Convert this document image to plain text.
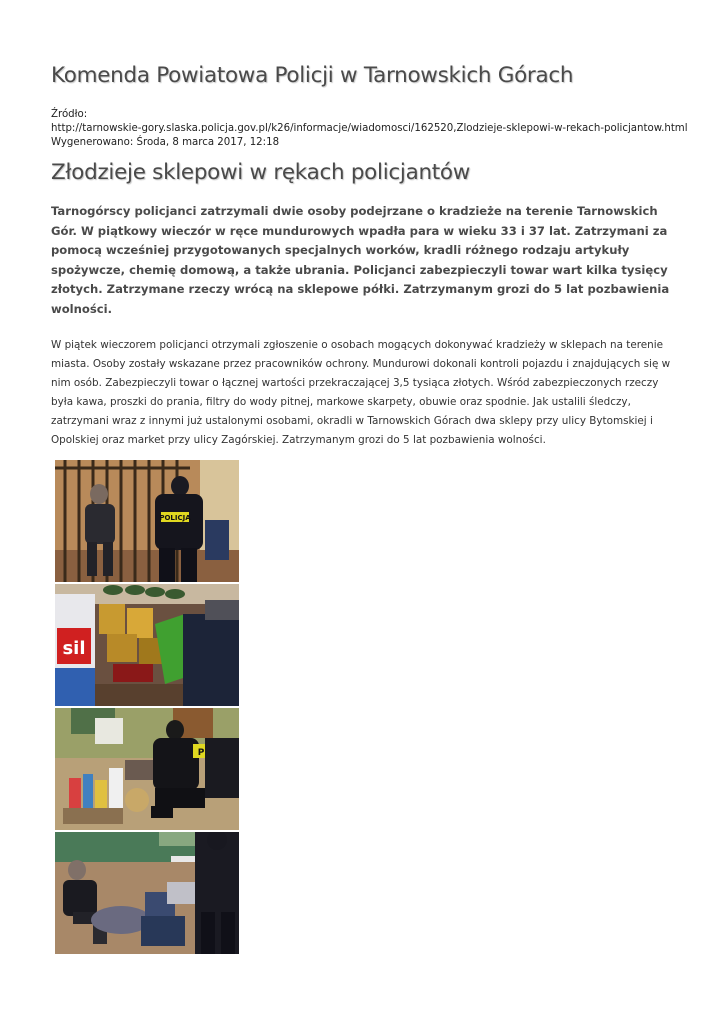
Komenda Powiatowa Policji w Tarnowskich Górach
Źródło:
http://tarnowskie-gory.slaska.policja.gov.pl/k26/informacje/wiadomosci/162520,Zlodzieje-sklepowi-w-rekach-policjantow.html
Wygenerowano: Środa, 8 marca 2017, 12:18
Złodzieje sklepowi w rękach policjantów

Tarnogórscy policjanci zatrzymali dwie osoby podejrzane o kradzieże na terenie Tarnowskich Gór. W piątkowy wieczór w ręce mundurowych wpadła para w wieku 33 i 37 lat. Zatrzymani za pomocą wcześniej przygotowanych specjalnych worków, kradli różnego rodzaju artykuły spożywcze, chemię domową, a także ubrania. Policjanci zabezpieczyli towar wart kilka tysięcy złotych. Zatrzymane rzeczy wrócą na sklepowe półki. Zatrzymanym grozi do 5 lat pozbawienia wolności.

W piątek wieczorem policjanci otrzymali zgłoszenie o osobach mogących dokonywać kradzieży w sklepach na terenie miasta. Osoby zostały wskazane przez pracowników ochrony. Mundurowi dokonali kontroli pojazdu i znajdujących się w nim osób. Zabezpieczyli towar o łącznej wartości przekraczającej 3,5 tysiąca złotych. Wśród zabezpieczonych rzeczy była kawa, proszki do prania, filtry do wody pitnej, markowe skarpety, obuwie oraz spodnie. Jak ustalili śledczy, zatrzymani wraz z innymi już ustalonymi osobami, okradli w Tarnowskich Górach dwa sklepy przy ulicy Bytomskiej i Opolskiej oraz market przy ulicy Zagórskiej. Zatrzymanym grozi do 5 lat pozbawienia wolności.

POLICJA
sil
P
